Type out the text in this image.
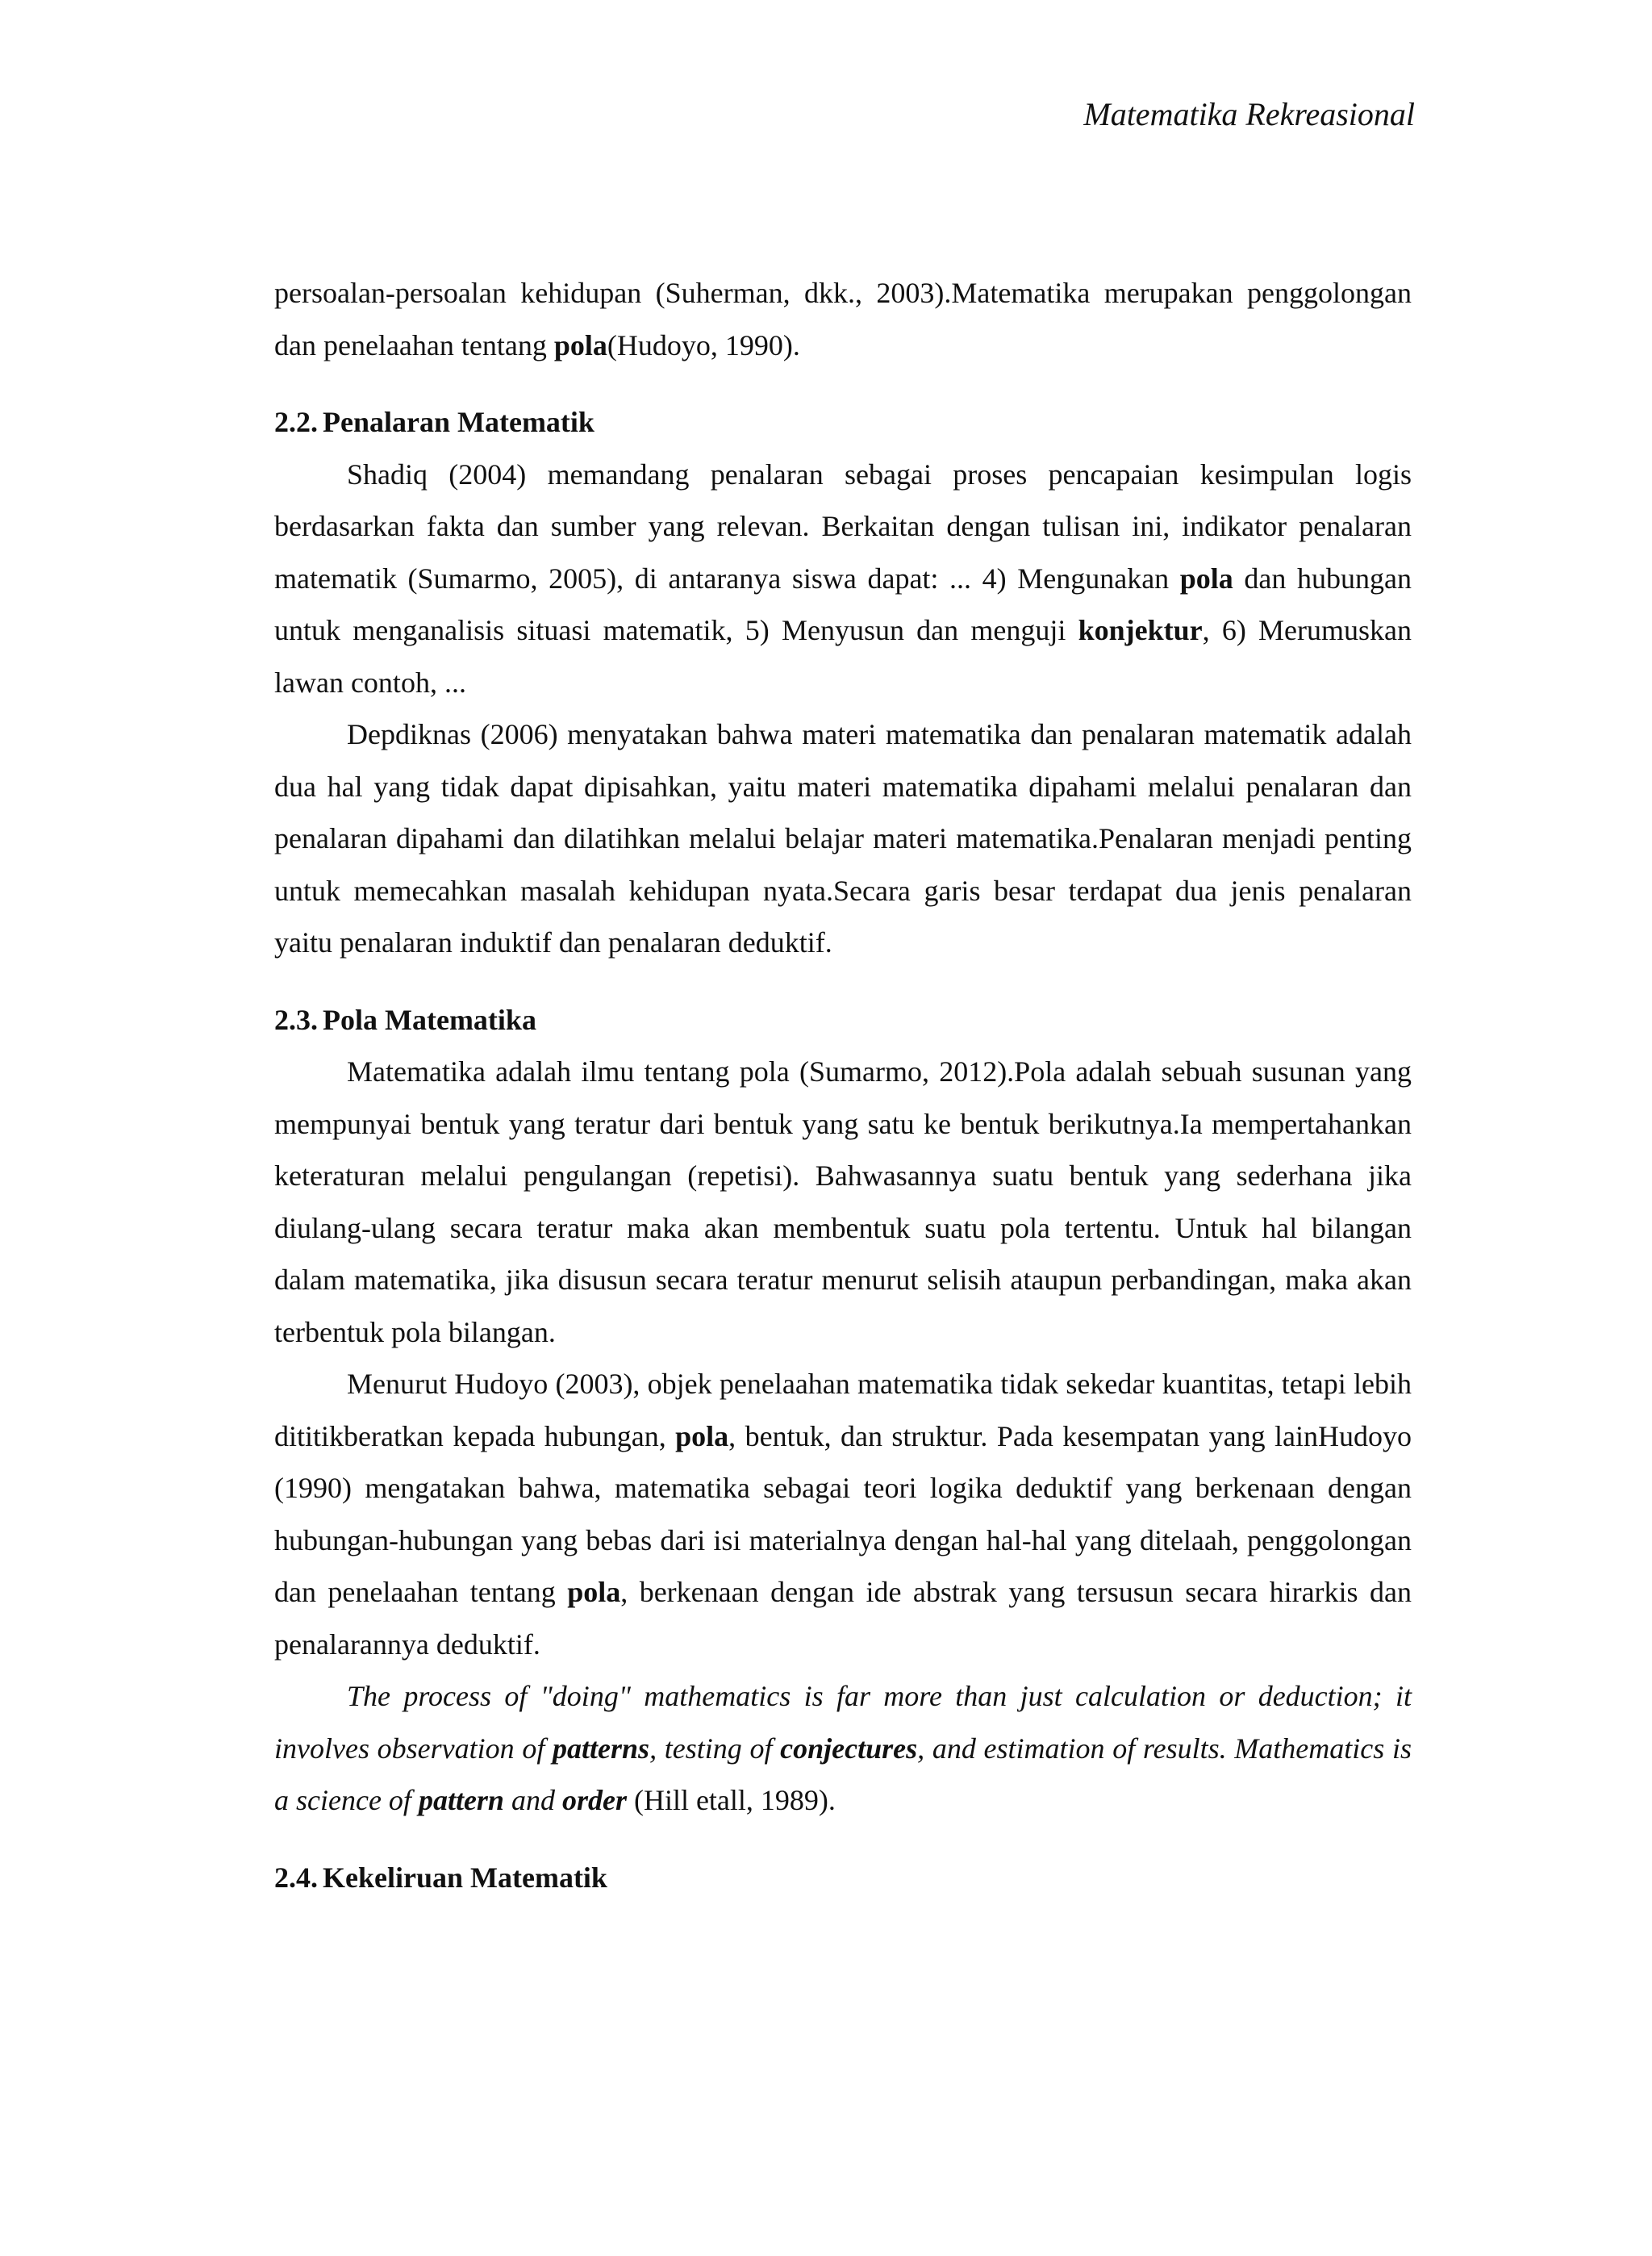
Matematika Rekreasional

persoalan-persoalan kehidupan (Suherman, dkk., 2003).Matematika merupakan penggolongan dan penelaahan tentang pola(Hudoyo, 1990).

2.2. Penalaran Matematik

Shadiq (2004) memandang penalaran sebagai proses pencapaian kesimpulan logis berdasarkan fakta dan sumber yang relevan. Berkaitan dengan tulisan ini, indikator penalaran matematik (Sumarmo, 2005), di antaranya siswa dapat: ... 4) Mengunakan pola dan hubungan untuk menganalisis situasi matematik, 5) Menyusun dan menguji konjektur, 6) Merumuskan lawan contoh, ...

Depdiknas (2006) menyatakan bahwa materi matematika dan penalaran matematik adalah dua hal yang tidak dapat dipisahkan, yaitu materi matematika dipahami melalui penalaran dan penalaran dipahami dan dilatihkan melalui belajar materi matematika.Penalaran menjadi penting untuk memecahkan masalah kehidupan nyata.Secara garis besar terdapat dua jenis penalaran yaitu penalaran induktif dan penalaran deduktif.

2.3. Pola Matematika

Matematika adalah ilmu tentang pola (Sumarmo, 2012).Pola adalah sebuah susunan yang mempunyai bentuk yang teratur dari bentuk yang satu ke bentuk berikutnya.Ia mempertahankan keteraturan melalui pengulangan (repetisi). Bahwasannya suatu bentuk yang sederhana jika diulang-ulang secara teratur maka akan membentuk suatu pola tertentu. Untuk hal bilangan dalam matematika, jika disusun secara teratur menurut selisih ataupun perbandingan, maka akan terbentuk pola bilangan.

Menurut Hudoyo (2003), objek penelaahan matematika tidak sekedar kuantitas, tetapi lebih dititikberatkan kepada hubungan, pola, bentuk, dan struktur. Pada kesempatan yang lainHudoyo (1990) mengatakan bahwa, matematika sebagai teori logika deduktif yang berkenaan dengan hubungan-hubungan yang bebas dari isi materialnya dengan hal-hal yang ditelaah, penggolongan dan penelaahan tentang pola, berkenaan dengan ide abstrak yang tersusun secara hirarkis dan penalarannya deduktif.

The process of "doing" mathematics is far more than just calculation or deduction; it involves observation of patterns, testing of conjectures, and estimation of results. Mathematics is a science of pattern and order (Hill etall, 1989).

2.4. Kekeliruan Matematik
